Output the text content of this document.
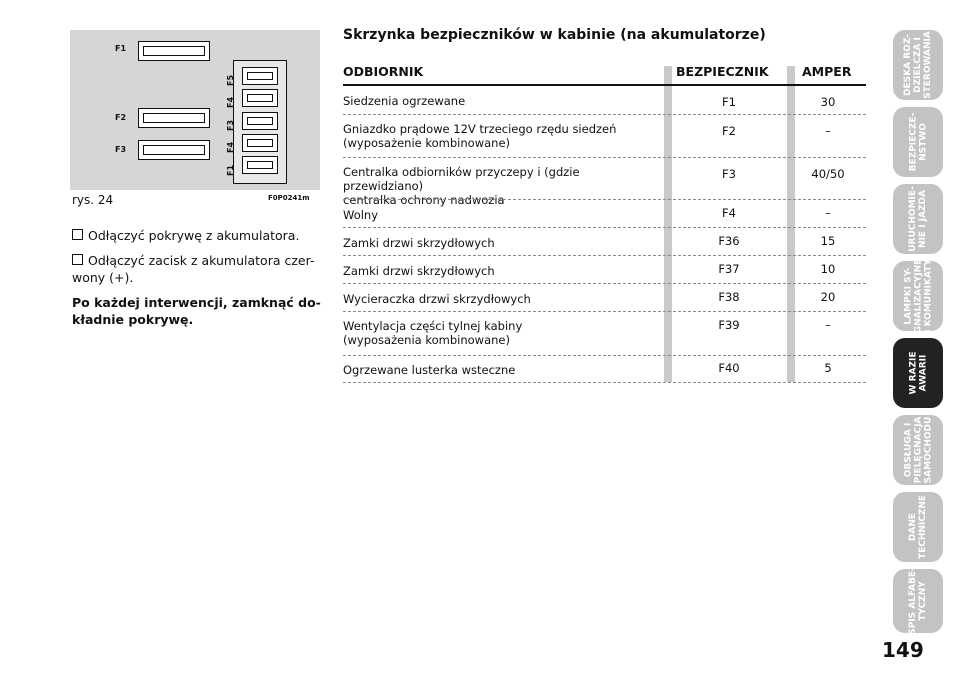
F1
F2
F3
F5
F4
F3
F4
F1
rys. 24	F0P0241m
Odłączyć pokrywę z akumulatora.
Odłączyć zacisk z akumulatora czer-wony (+).
Po każdej interwencji, zamknąć do-kładnie pokrywę.
Skrzynka bezpieczników w kabinie (na akumulatorze)
ODBIORNIK	BEZPIECZNIK	AMPER
Siedzenia ogrzewane	F1	30
Gniazdko prądowe 12V trzeciego rzędu siedzeń
(wyposażenie kombinowane)
F2	–
Centralka odbiorników przyczepy i (gdzie przewidziano)
centralka ochrony nadwozia
F3	40/50
Wolny	F4	–
Zamki drzwi skrzydłowych	F36	15
Zamki drzwi skrzydłowych	F37	10
Wycieraczka drzwi skrzydłowych	F38	20
Wentylacja części tylnej kabiny
(wyposażenia kombinowane)
F39	–
Ogrzewane lusterka wsteczne	F40	5
DESKA ROZ-
DZIELCZA I
STEROWANIA
BEZPIECZE-
ŃSTWO
URUCHOMIE-
NIE I JAZDA
LAMPKI SY-
GNALIZACYJNE
I KOMUNIKATY
W RAZIE
AWARII
OBSŁUGA I
PIELĘGNACJA
SAMOCHODU
DANE
TECHNICZNE
SPIS ALFABE-
TYCZNY
149
